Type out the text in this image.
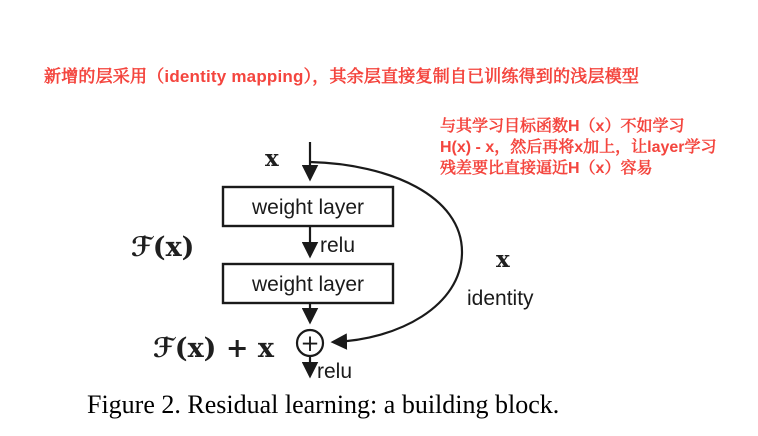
新增的层采用（identity mapping），其余层直接复制自已训练得到的浅层模型
与其学习目标函数H（x）不如学习
H(x) - x，然后再将x加上，让layer学习
残差要比直接逼近H（x）容易
weight layer
relu
weight layer
+
relu
x
ℱ(x)	x
identity
ℱ(x) + x
Figure 2. Residual learning: a building block.
